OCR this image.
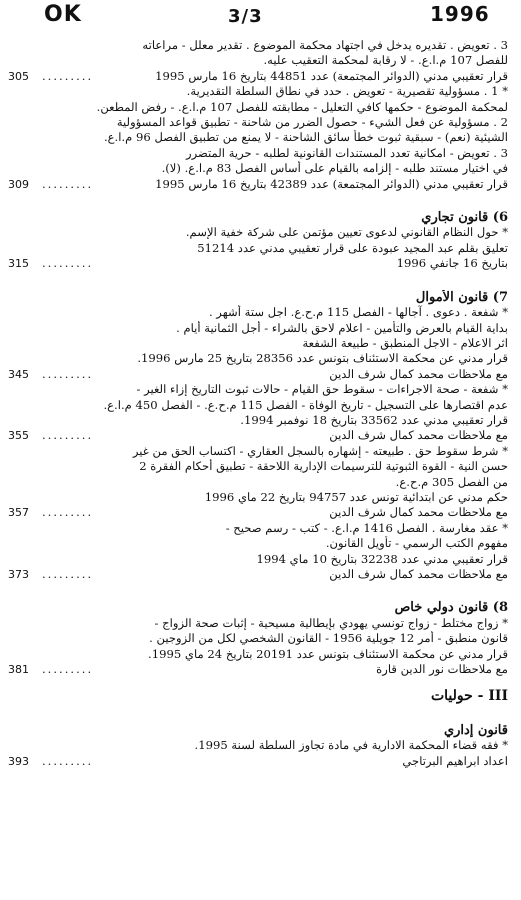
OK	3/3	1996
3 . تعويض . تقديره يدخل في اجتهاد محكمة الموضوع . تقدير معلل - مراعاته
للفصل 107 م.ا.ع. - لا رقابة لمحكمة التعقيب عليه.
قرار تعقيبي مدني (الدوائر المجتمعة) عدد 44851 بتاريخ 16 مارس 1995
.........
305
* 1 . مسؤولية تقصيرية - تعويض . حدد في نطاق السلطة التقديرية.
لمحكمة الموضوع - حكمها كافي التعليل - مطابقته للفصل 107 م.ا.ع. - رفض المطعن.
2 . مسؤولية عن فعل الشيء - حصول الضرر من شاحنة - تطبيق قواعد المسؤولية
الشيئية (نعم) - سبقية ثبوت خطأ سائق الشاحنة - لا يمنع من تطبيق الفصل 96 م.ا.ع.
3 . تعويض - امكانية تعدد المستندات القانونية لطلبه - حرية المتضرر
في اختيار مستند طلبه - إلزامه بالقيام على أساس الفصل 83 م.ا.ع. (لا).
قرار تعقيبي مدني (الدوائر المجتمعة) عدد 42389 بتاريخ 16 مارس 1995
.........
309
6) قانون تجاري
* حول النظام القانوني لدعوى تعيين مؤتمن على شركة خفية الإسم.
تعليق بقلم عبد المجيد عبودة على قرار تعقيبي مدني عدد 51214
بتاريخ 16 جانفي 1996
.........
315
7) قانون الأموال
* شفعة . دعوى . آجالها - الفصل 115 م.ح.ع. اجل ستة أشهر .
بداية القيام بالعرض والتأمين - اعلام لاحق بالشراء - أجل الثمانية أيام .
اثر الاعلام - الاجل المنطبق - طبيعة الشفعة
قرار مدني عن محكمة الاستئناف بتونس عدد 28356 بتاريخ 25 مارس 1996.
مع ملاحظات محمد كمال شرف الدين
.........
345
* شفعة - صحة الاجراءات - سقوط حق القيام - حالات ثبوت التاريخ إزاء الغير -
عدم اقتصارها على التسجيل - تاريخ الوفاة - الفصل 115 م.ح.ع. - الفصل 450 م.ا.ع.
قرار تعقيبي مدني عدد 33562 بتاريخ 18 نوفمبر 1994.
مع ملاحظات محمد كمال شرف الدين
.........
355
* شرط سقوط حق . طبيعته - إشهاره بالسجل العقاري - اكتساب الحق من غير
حسن النية - القوة الثبوتية للترسيمات الإدارية اللاحقة - تطبيق أحكام الفقرة 2
من الفصل 305 م.ح.ع.
حكم مدني عن ابتدائية تونس عدد 94757 بتاريخ 22 ماي 1996
مع ملاحظات محمد كمال شرف الدين
.........
357
* عقد مغارسة . الفصل 1416 م.ا.ع. - كتب - رسم صحيح -
مفهوم الكتب الرسمي - تأويل القانون.
قرار تعقيبي مدني عدد 32238 بتاريخ 10 ماي 1994
مع ملاحظات محمد كمال شرف الدين
.........
373
8) قانون دولي خاص
* زواج مختلط - زواج تونسي يهودي بإيطالية مسيحية - إثبات صحة الزواج -
قانون منطبق - أمر 12 جويلية 1956 - القانون الشخصي لكل من الزوجين .
قرار مدني عن محكمة الاستئناف بتونس عدد 20191 بتاريخ 24 ماي 1995.
مع ملاحظات نور الدين قارة
.........
381
III - حوليات
قانون إداري
* فقه قضاء المحكمة الادارية في مادة تجاوز السلطة لسنة 1995.
اعداد ابراهيم البرتاجي
.........
393
